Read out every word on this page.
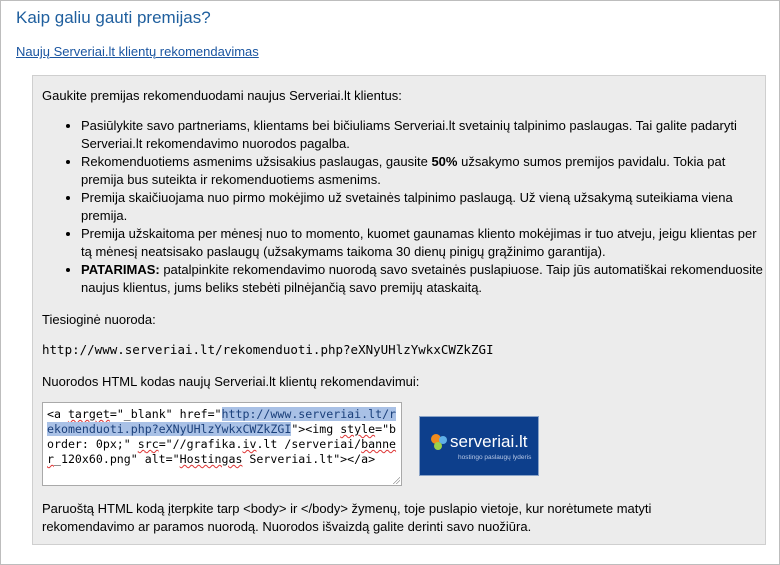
Kaip galiu gauti premijas?
Naujų Serveriai.lt klientų rekomendavimas
Gaukite premijas rekomenduodami naujus Serveriai.lt klientus:
• Pasiūlykite savo partneriams, klientams bei bičiuliams Serveriai.lt svetainių talpinimo paslaugas. Tai galite padaryti Serveriai.lt rekomendavimo nuorodos pagalba.
• Rekomenduotiems asmenims užsisakius paslaugas, gausite 50% užsakymo sumos premijos pavidalu. Tokia pat premija bus suteikta ir rekomenduotiems asmenims.
• Premija skaičiuojama nuo pirmo mokėjimo už svetainės talpinimo paslaugą. Už vieną užsakymą suteikiama viena premija.
• Premija užskaitoma per mėnesį nuo to momento, kuomet gaunamas kliento mokėjimas ir tuo atveju, jeigu klientas per tą mėnesį neatsisako paslaugų (užsakymams taikoma 30 dienų pinigų grąžinimo garantija).
• PATARIMAS: patalpinkite rekomendavimo nuorodą savo svetainės puslapiuose. Taip jūs automatiškai rekomenduosite naujus klientus, jums beliks stebėti pilnėjančią savo premijų ataskaitą.
Tiesioginė nuoroda:
http://www.serveriai.lt/rekomenduoti.php?eXNyUHlzYwkxCWZkZGI
Nuorodos HTML kodas naujų Serveriai.lt klientų rekomendavimui:
<a target="_blank" href="http://www.serveriai.lt/rekomenduoti.php?eXNyUHlzYwkxCWZkZGI"><img style="border: 0px;" src="//grafika.iv.lt /serveriai/banner_120x60.png" alt="Hostingas Serveriai.lt"></a>
serveriai.lt
hostingo paslaugų lyderis
Paruoštą HTML kodą įterpkite tarp <body> ir </body> žymenų, toje puslapio vietoje, kur norėtumete matyti rekomendavimo ar paramos nuorodą. Nuorodos išvaizdą galite derinti savo nuožiūra.
